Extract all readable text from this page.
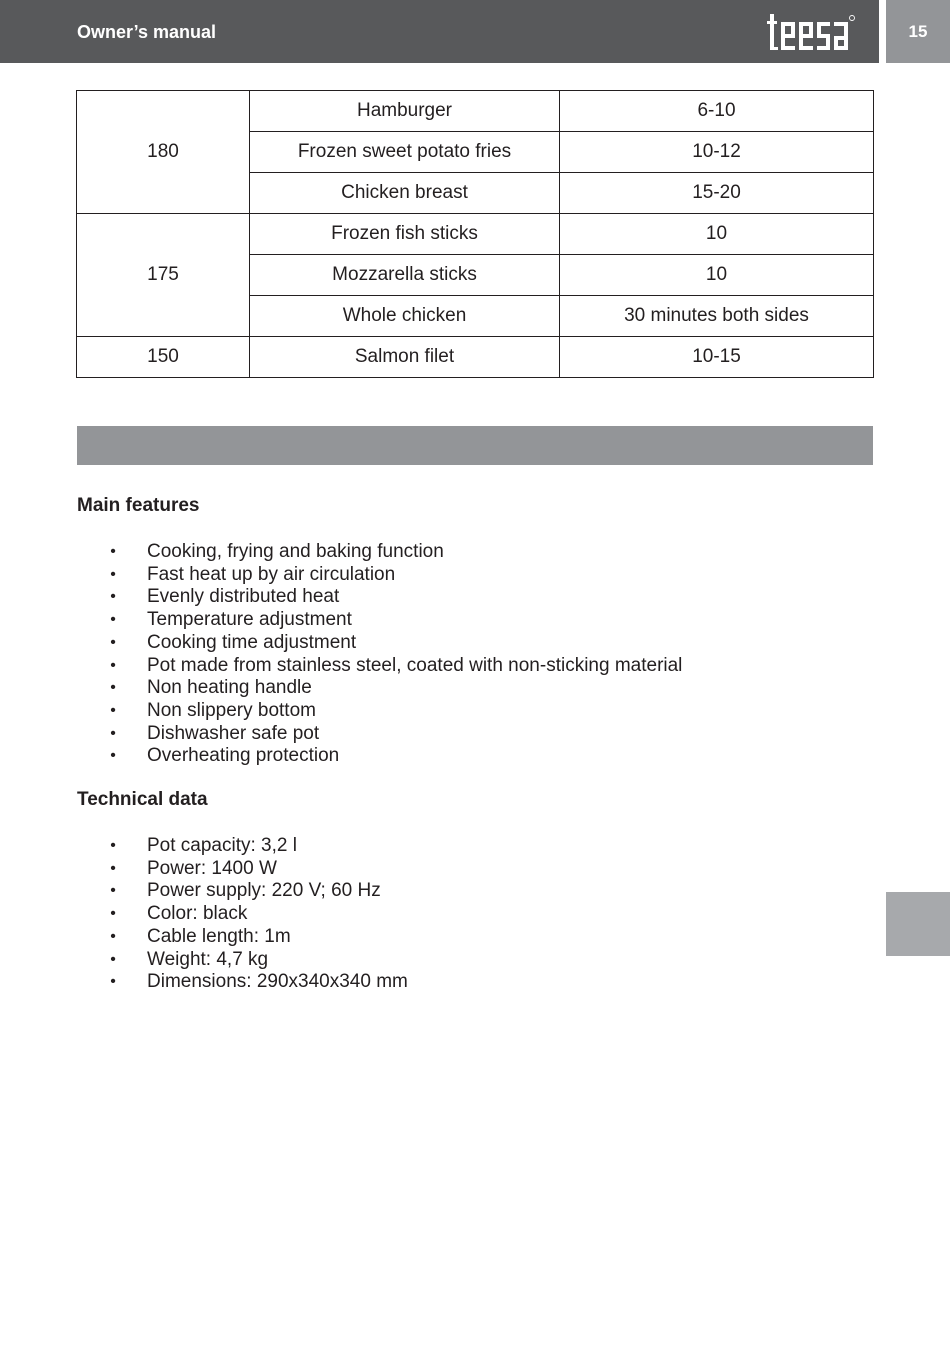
Owner’s manual	15
180	Hamburger	6-10
	Frozen sweet potato fries	10-12
	Chicken breast	15-20
175	Frozen fish sticks	10
	Mozzarella sticks	10
	Whole chicken	30 minutes both sides
150	Salmon filet	10-15
Main features
• Cooking, frying and baking function
• Fast heat up by air circulation
• Evenly distributed heat
• Temperature adjustment
• Cooking time adjustment
• Pot made from stainless steel, coated with non-sticking material
• Non heating handle
• Non slippery bottom
• Dishwasher safe pot
• Overheating protection
Technical data
• Pot capacity: 3,2 l
• Power: 1400 W
• Power supply: 220 V; 60 Hz
• Color: black
• Cable length: 1m
• Weight: 4,7 kg
• Dimensions: 290x340x340 mm
